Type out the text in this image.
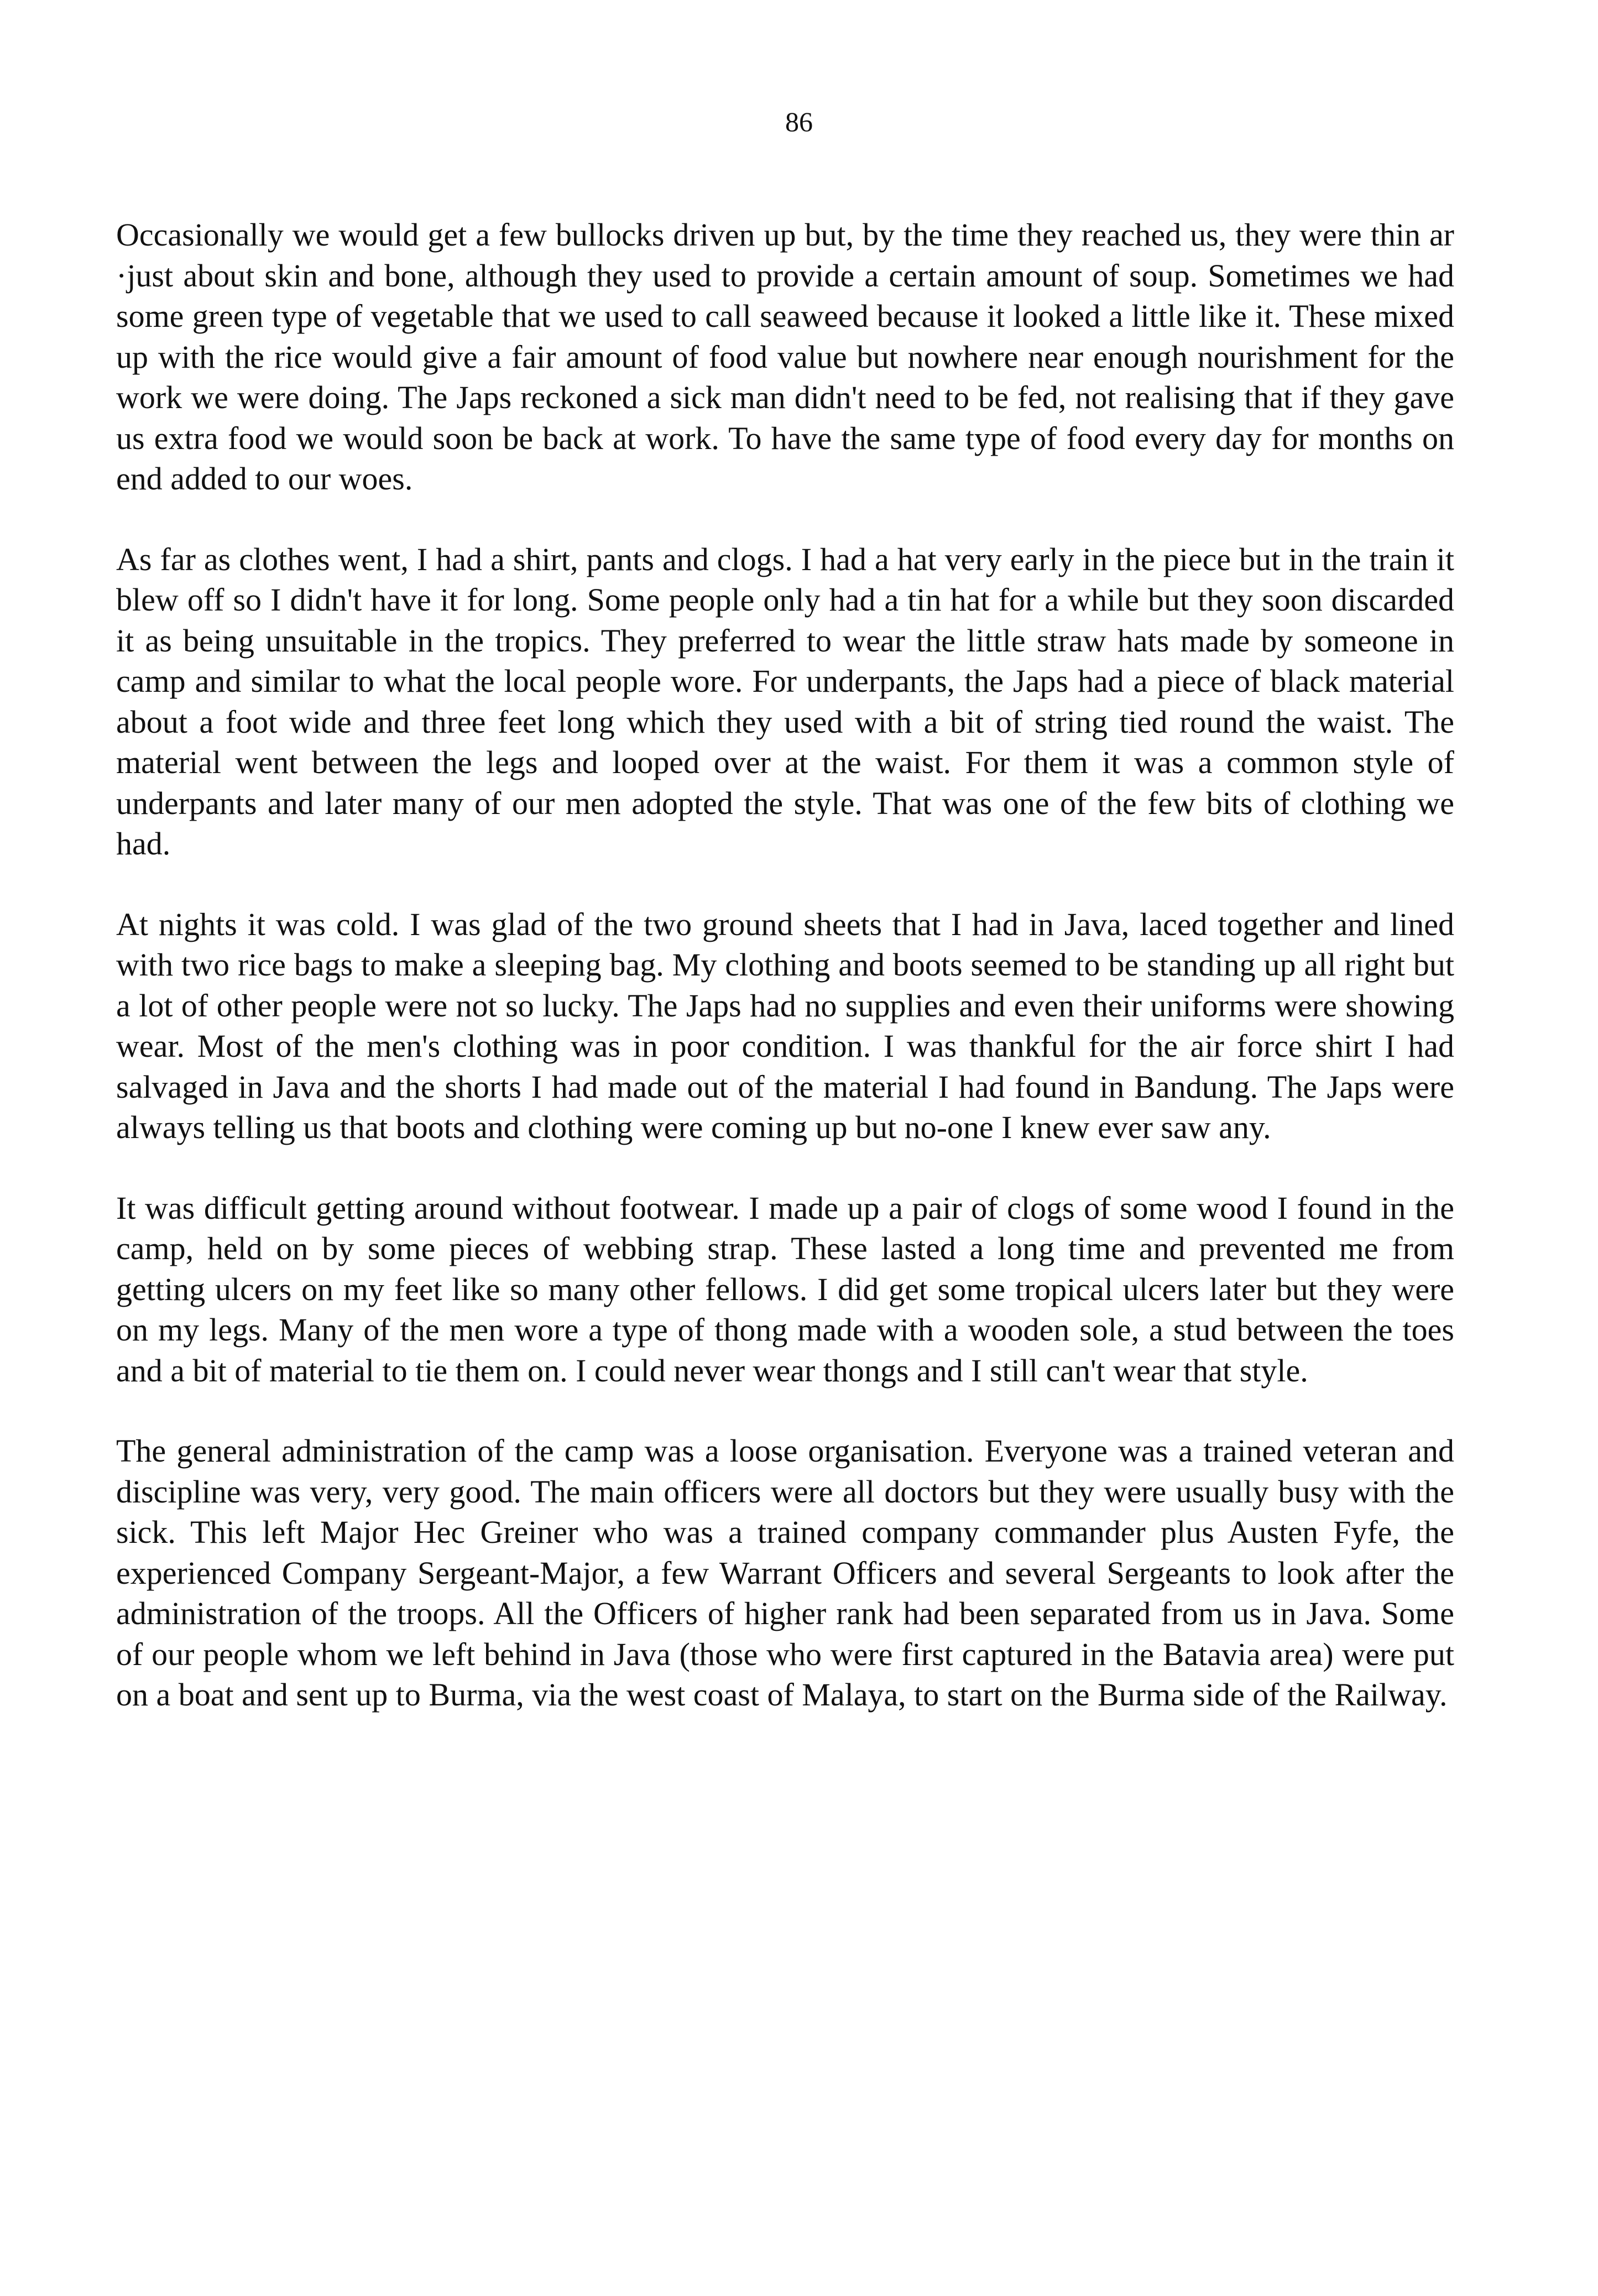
86

Occasionally we would get a few bullocks driven up but, by the time they reached us, they were thin ar ·just about skin and bone, although they used to provide a certain amount of soup. Sometimes we had some green type of vegetable that we used to call seaweed because it looked a little like it. These mixed up with the rice would give a fair amount of food value but nowhere near enough nourishment for the work we were doing. The Japs reckoned a sick man didn't need to be fed, not realising that if they gave us extra food we would soon be back at work. To have the same type of food every day for months on end added to our woes.

As far as clothes went, I had a shirt, pants and clogs. I had a hat very early in the piece but in the train it blew off so I didn't have it for long. Some people only had a tin hat for a while but they soon discarded it as being unsuitable in the tropics. They preferred to wear the little straw hats made by someone in camp and similar to what the local people wore. For underpants, the Japs had a piece of black material about a foot wide and three feet long which they used with a bit of string tied round the waist. The material went between the legs and looped over at the waist. For them it was a common style of underpants and later many of our men adopted the style. That was one of the few bits of clothing we had.

At nights it was cold. I was glad of the two ground sheets that I had in Java, laced together and lined with two rice bags to make a sleeping bag. My clothing and boots seemed to be standing up all right but a lot of other people were not so lucky. The Japs had no supplies and even their uniforms were showing wear. Most of the men's clothing was in poor condition. I was thankful for the air force shirt I had salvaged in Java and the shorts I had made out of the material I had found in Bandung. The Japs were always telling us that boots and clothing were coming up but no-one I knew ever saw any.

It was difficult getting around without footwear. I made up a pair of clogs of some wood I found in the camp, held on by some pieces of webbing strap. These lasted a long time and prevented me from getting ulcers on my feet like so many other fellows. I did get some tropical ulcers later but they were on my legs. Many of the men wore a type of thong made with a wooden sole, a stud between the toes and a bit of material to tie them on. I could never wear thongs and I still can't wear that style.

The general administration of the camp was a loose organisation. Everyone was a trained veteran and discipline was very, very good. The main officers were all doctors but they were usually busy with the sick. This left Major Hec Greiner who was a trained company commander plus Austen Fyfe, the experienced Company Sergeant-Major, a few Warrant Officers and several Sergeants to look after the administration of the troops. All the Officers of higher rank had been separated from us in Java. Some of our people whom we left behind in Java (those who were first captured in the Batavia area) were put on a boat and sent up to Burma, via the west coast of Malaya, to start on the Burma side of the Railway.
